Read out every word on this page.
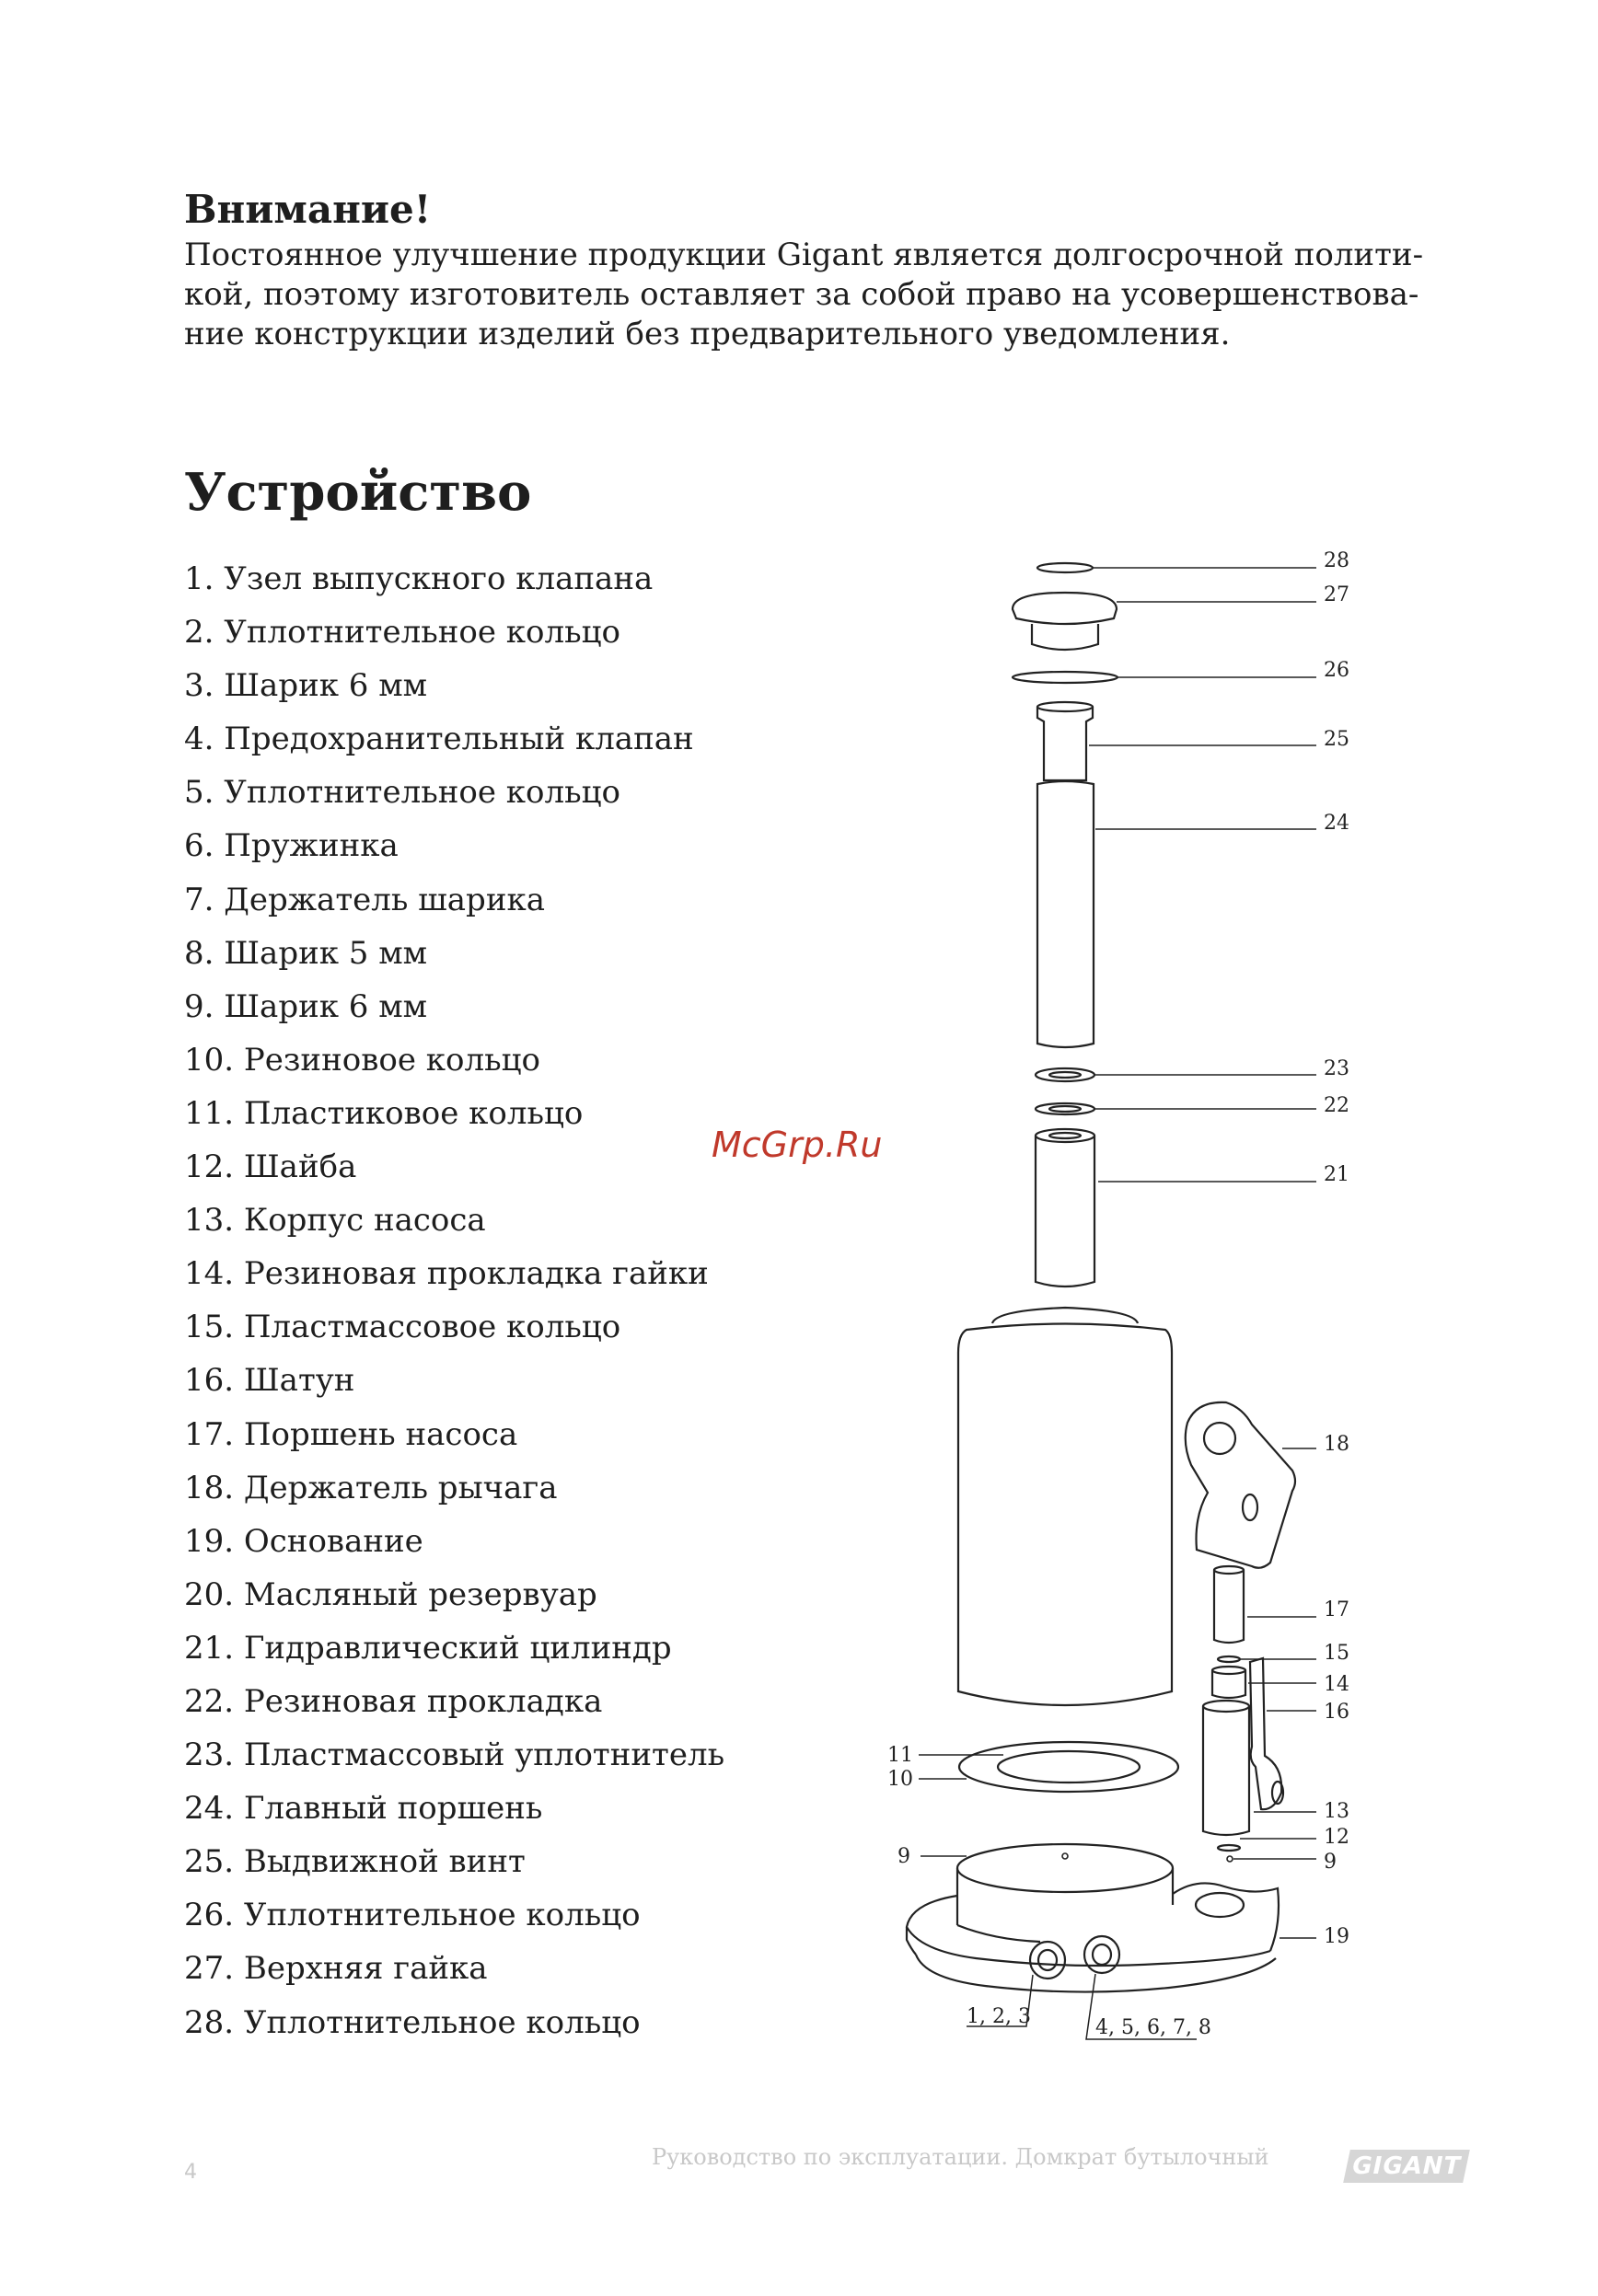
Внимание!

Постоянное улучшение продукции Gigant является долгосрочной полити-

кой, поэтому изготовитель оставляет за собой право на усовершенствова-

ние конструкции изделий без предварительного уведомления.

Устройство
1. Узел выпускного клапана
2. Уплотнительное кольцо
3. Шарик 6 мм
4. Предохранительный клапан
5. Уплотнительное кольцо
6. Пружинка
7. Держатель шарика
8. Шарик 5 мм
9. Шарик 6 мм
10. Резиновое кольцо
11. Пластиковое кольцо
12. Шайба
13. Корпус насоса
14. Резиновая прокладка гайки
15. Пластмассовое кольцо
16. Шатун
17. Поршень насоса
18. Держатель рычага
19. Основание
20. Масляный резервуар
21. Гидравлический цилиндр
22. Резиновая прокладка
23. Пластмассовый уплотнитель
24. Главный поршень
25. Выдвижной винт
26. Уплотнительное кольцо
27. Верхняя гайка
28. Уплотнительное кольцо
28
27
26
25
24
23
22
21
18
17
15
14
16
11
10
13
12
9	9
19
1, 2, 3	4, 5, 6, 7, 8
McGrp.Ru
4
Руководство по эксплуатации. Домкрат бутылочный	GIGANT
